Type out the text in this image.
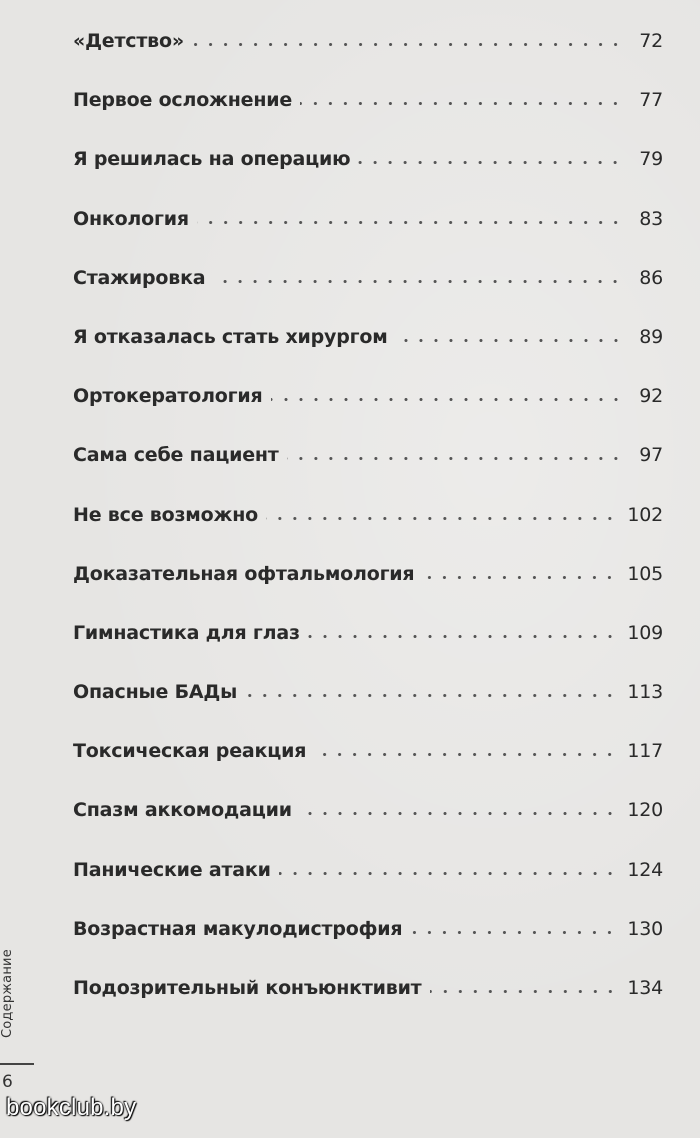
«Детство»	72
Первое осложнение	77
Я решилась на операцию	79
Онкология	83
Стажировка	86
Я отказалась стать хирургом	89
Ортокератология	92
Сама себе пациент	97
Не все возможно	102
Доказательная офтальмология	105
Гимнастика для глаз	109
Опасные БАДы	113
Токсическая реакция	117
Спазм аккомодации	120
Панические атаки	124
Возрастная макулодистрофия	130
Подозрительный конъюнктивит	134
Содержание
6
bookclub.by
